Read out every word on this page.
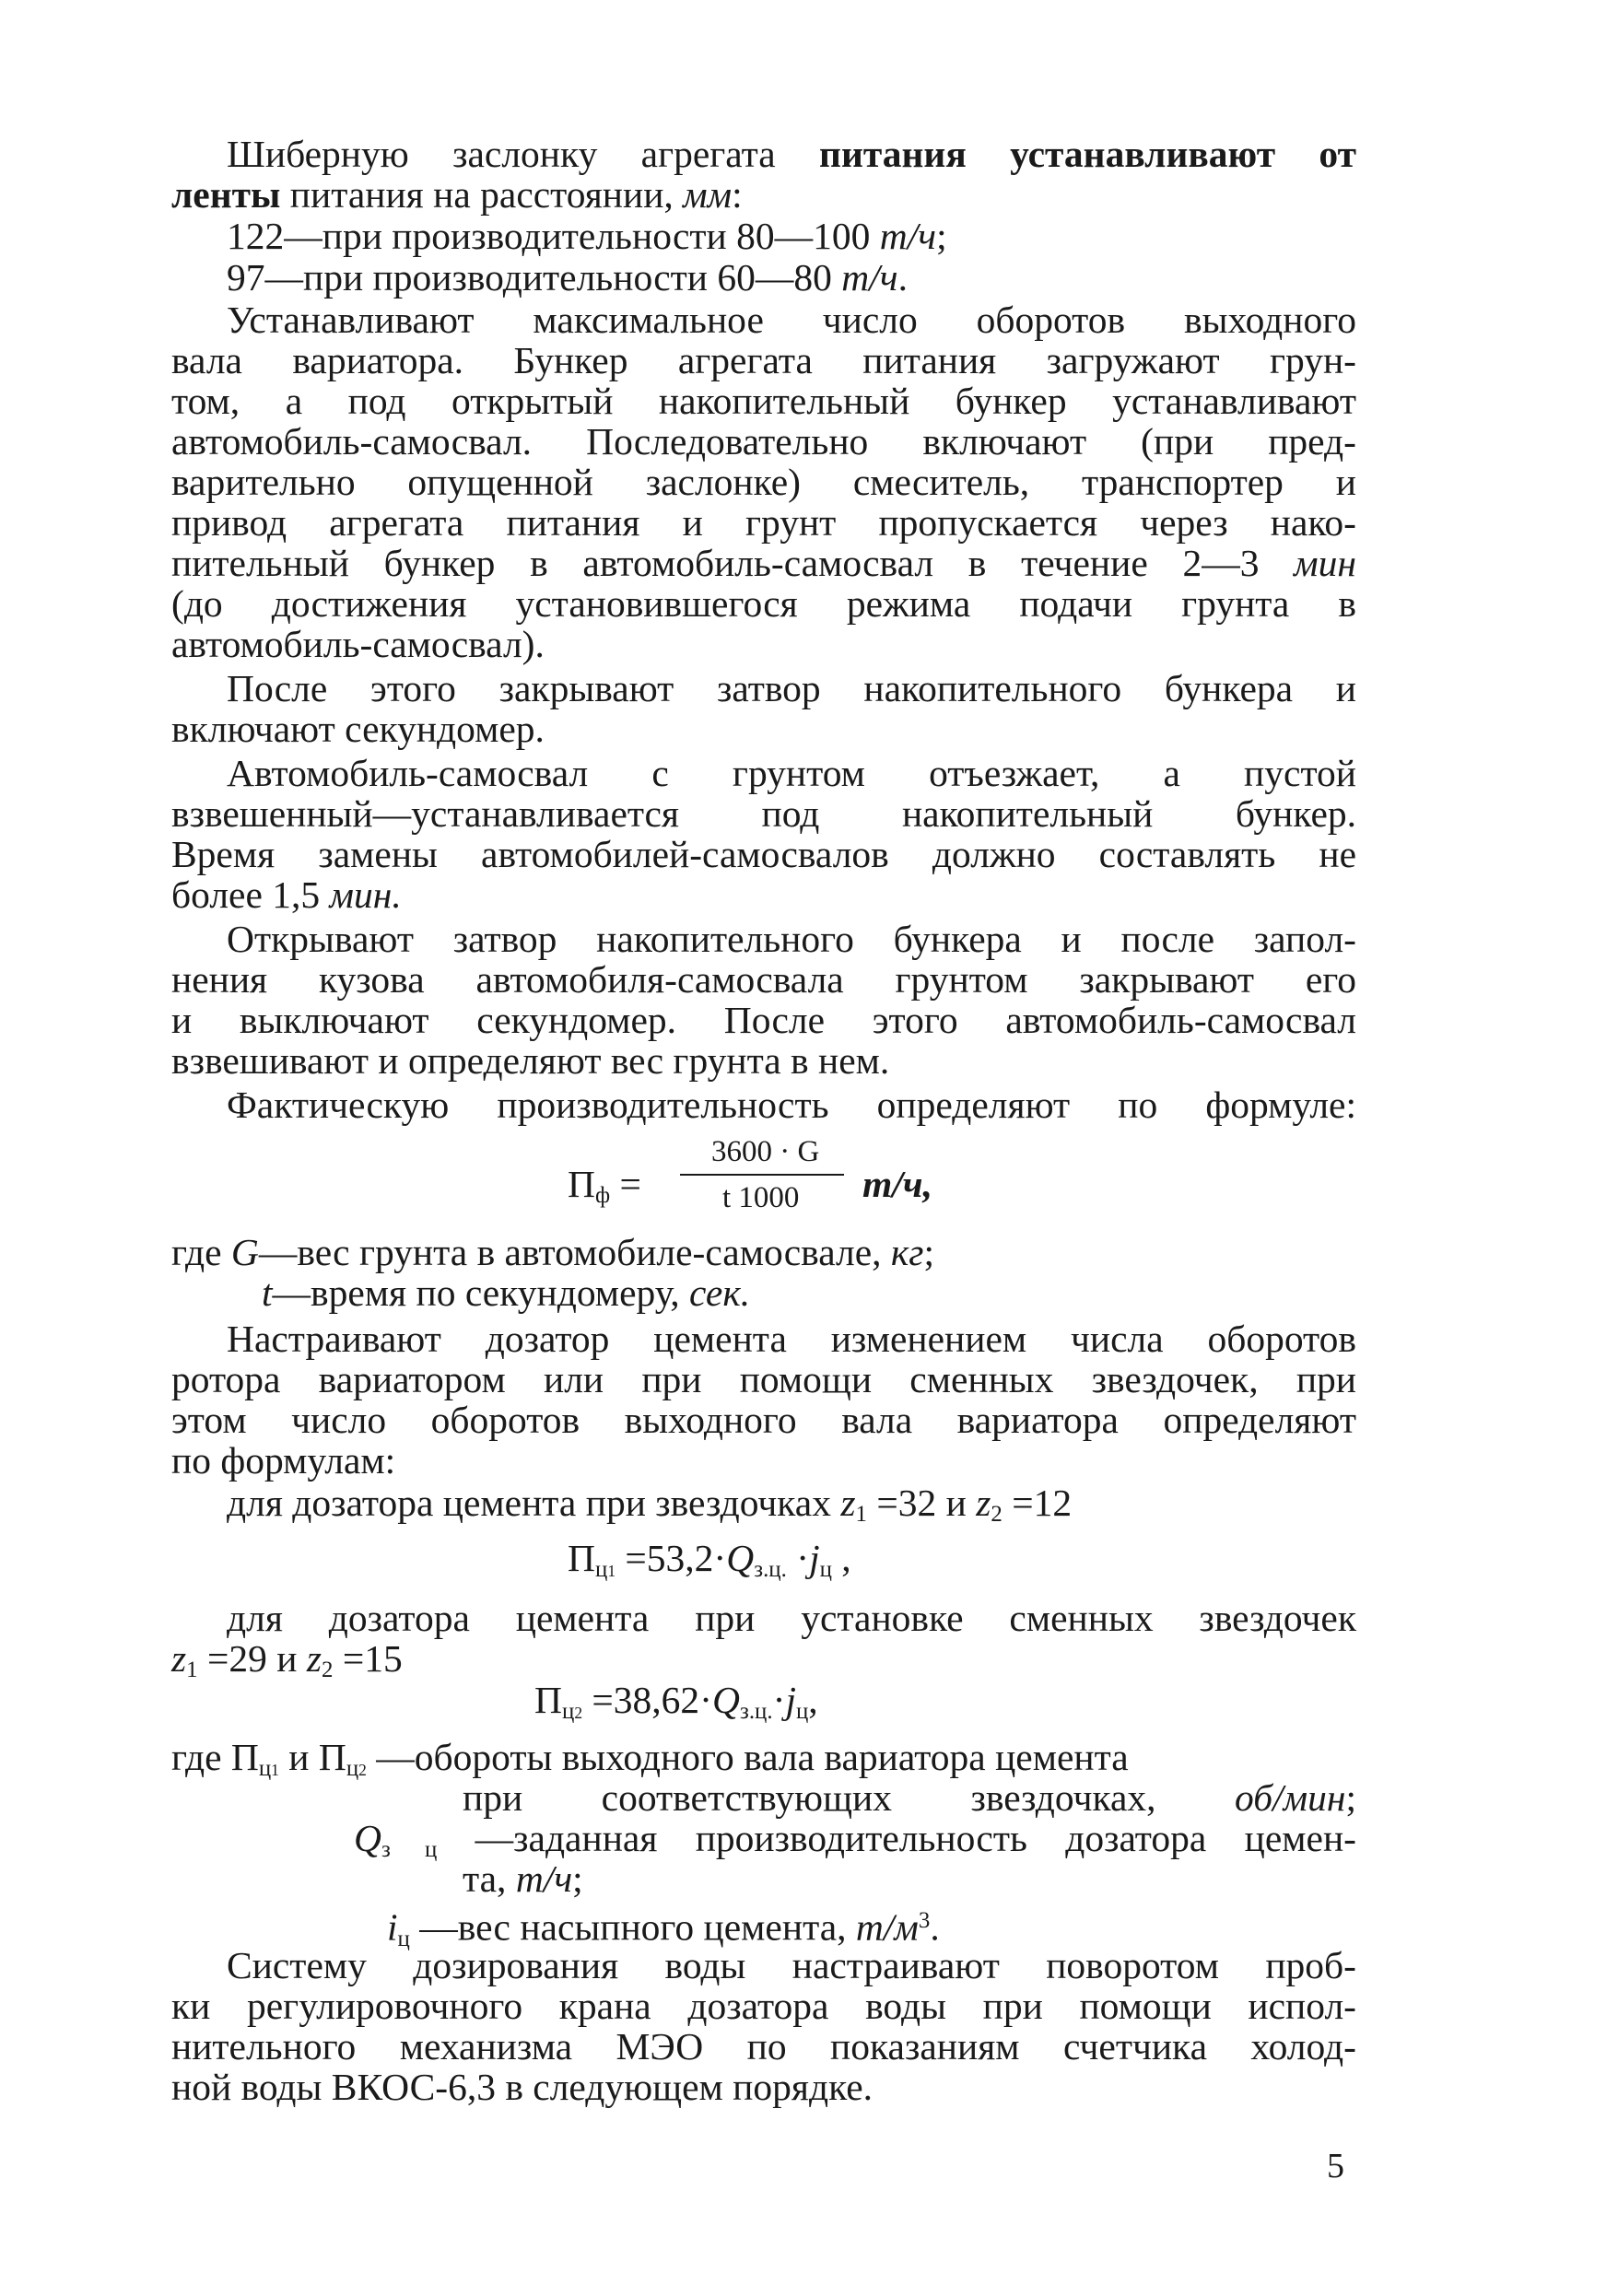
Шиберную заслонку агрегата питания устанавливают от
ленты питания на расстоянии, мм:
122—при производительности 80—100 т/ч;
97—при производительности 60—80 т/ч.
Устанавливают максимальное число оборотов выходного
вала вариатора. Бункер агрегата питания загружают грун-
том, а под открытый накопительный бункер устанавливают
автомобиль-самосвал. Последовательно включают (при пред-
варительно опущенной заслонке) смеситель, транспортер и
привод агрегата питания и грунт пропускается через нако-
пительный бункер в автомобиль-самосвал в течение 2—3 мин
(до достижения установившегося режима подачи грунта в
автомобиль-самосвал).
После этого закрывают затвор накопительного бункера и
включают секундомер.
Автомобиль-самосвал с грунтом отъезжает, а пустой
взвешенный—устанавливается под накопительный бункер.
Время замены автомобилей-самосвалов должно составлять не
более 1,5 мин.
Открывают затвор накопительного бункера и после запол-
нения кузова автомобиля-самосвала грунтом закрывают его
и выключают секундомер. После этого автомобиль-самосвал
взвешивают и определяют вес грунта в нем.
Фактическую производительность определяют по формуле:
$П_ф$ =
3600 · G
t 1000 т/ч,
где G—вес грунта в автомобиле-самосвале, кг;
t—время по секундомеру, сек.
Настраивают дозатор цемента изменением числа оборотов
ротора вариатором или при помощи сменных звездочек, при
этом число оборотов выходного вала вариатора определяют
по формулам:
для дозатора цемента при звездочках $z_1 =32$ и $z_2 =12$
$П_{ц1} =53,2\cdot Q_{з.ц.} \cdot j_ц$ ,
для дозатора цемента при установке сменных звездочек
$z_1 =29$ и $z_2 =15$
$П_{ц2} =38,62\cdot Q_{з.ц.}\cdot j_ц$,
где $П_{ц1}$ и $П_{ц2}$ —обороты выходного вала вариатора цемента
при соответствующих звездочках, об/мин;
$Q_{з ц}$ —заданная производительность дозатора цемен-
та, т/ч;
$i_ц$ —вес насыпного цемента, $т/м^3$.
Систему дозирования воды настраивают поворотом проб-
ки регулировочного крана дозатора воды при помощи испол-
нительного механизма МЭО по показаниям счетчика холод-
ной воды ВКОС-6,3 в следующем порядке.
5
